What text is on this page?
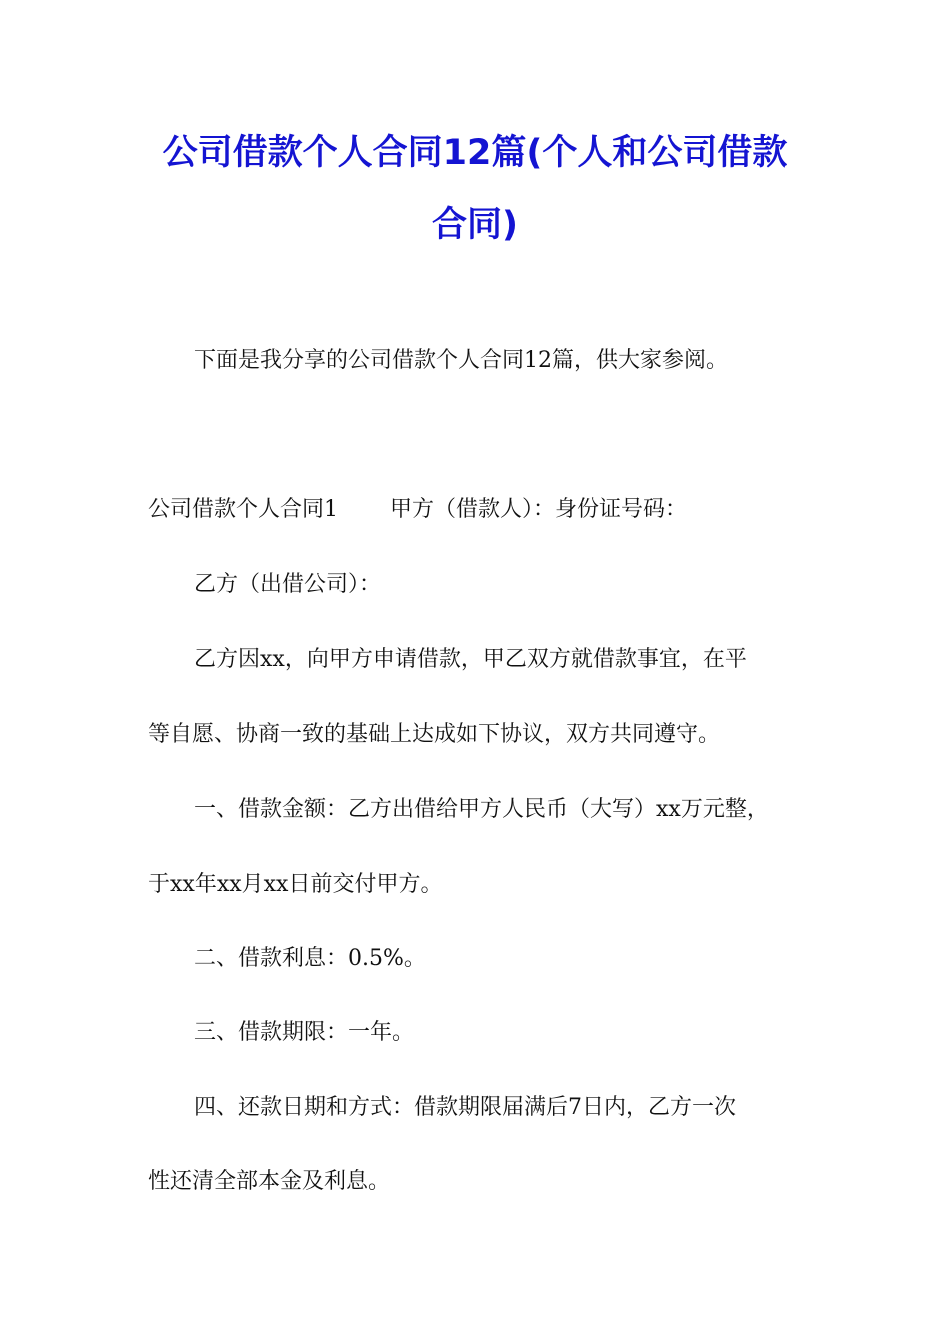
公司借款个人合同12篇(个人和公司借款
合同)
下面是我分享的公司借款个人合同12篇，供大家参阅。
公司借款个人合同1 甲方（借款人）：身份证号码：
乙方（出借公司）：
乙方因xx，向甲方申请借款，甲乙双方就借款事宜，在平
等自愿、协商一致的基础上达成如下协议，双方共同遵守。
一、借款金额：乙方出借给甲方人民币（大写）xx万元整，
于xx年xx月xx日前交付甲方。
二、借款利息：0.5%。
三、借款期限：一年。
四、还款日期和方式：借款期限届满后7日内，乙方一次
性还清全部本金及利息。
